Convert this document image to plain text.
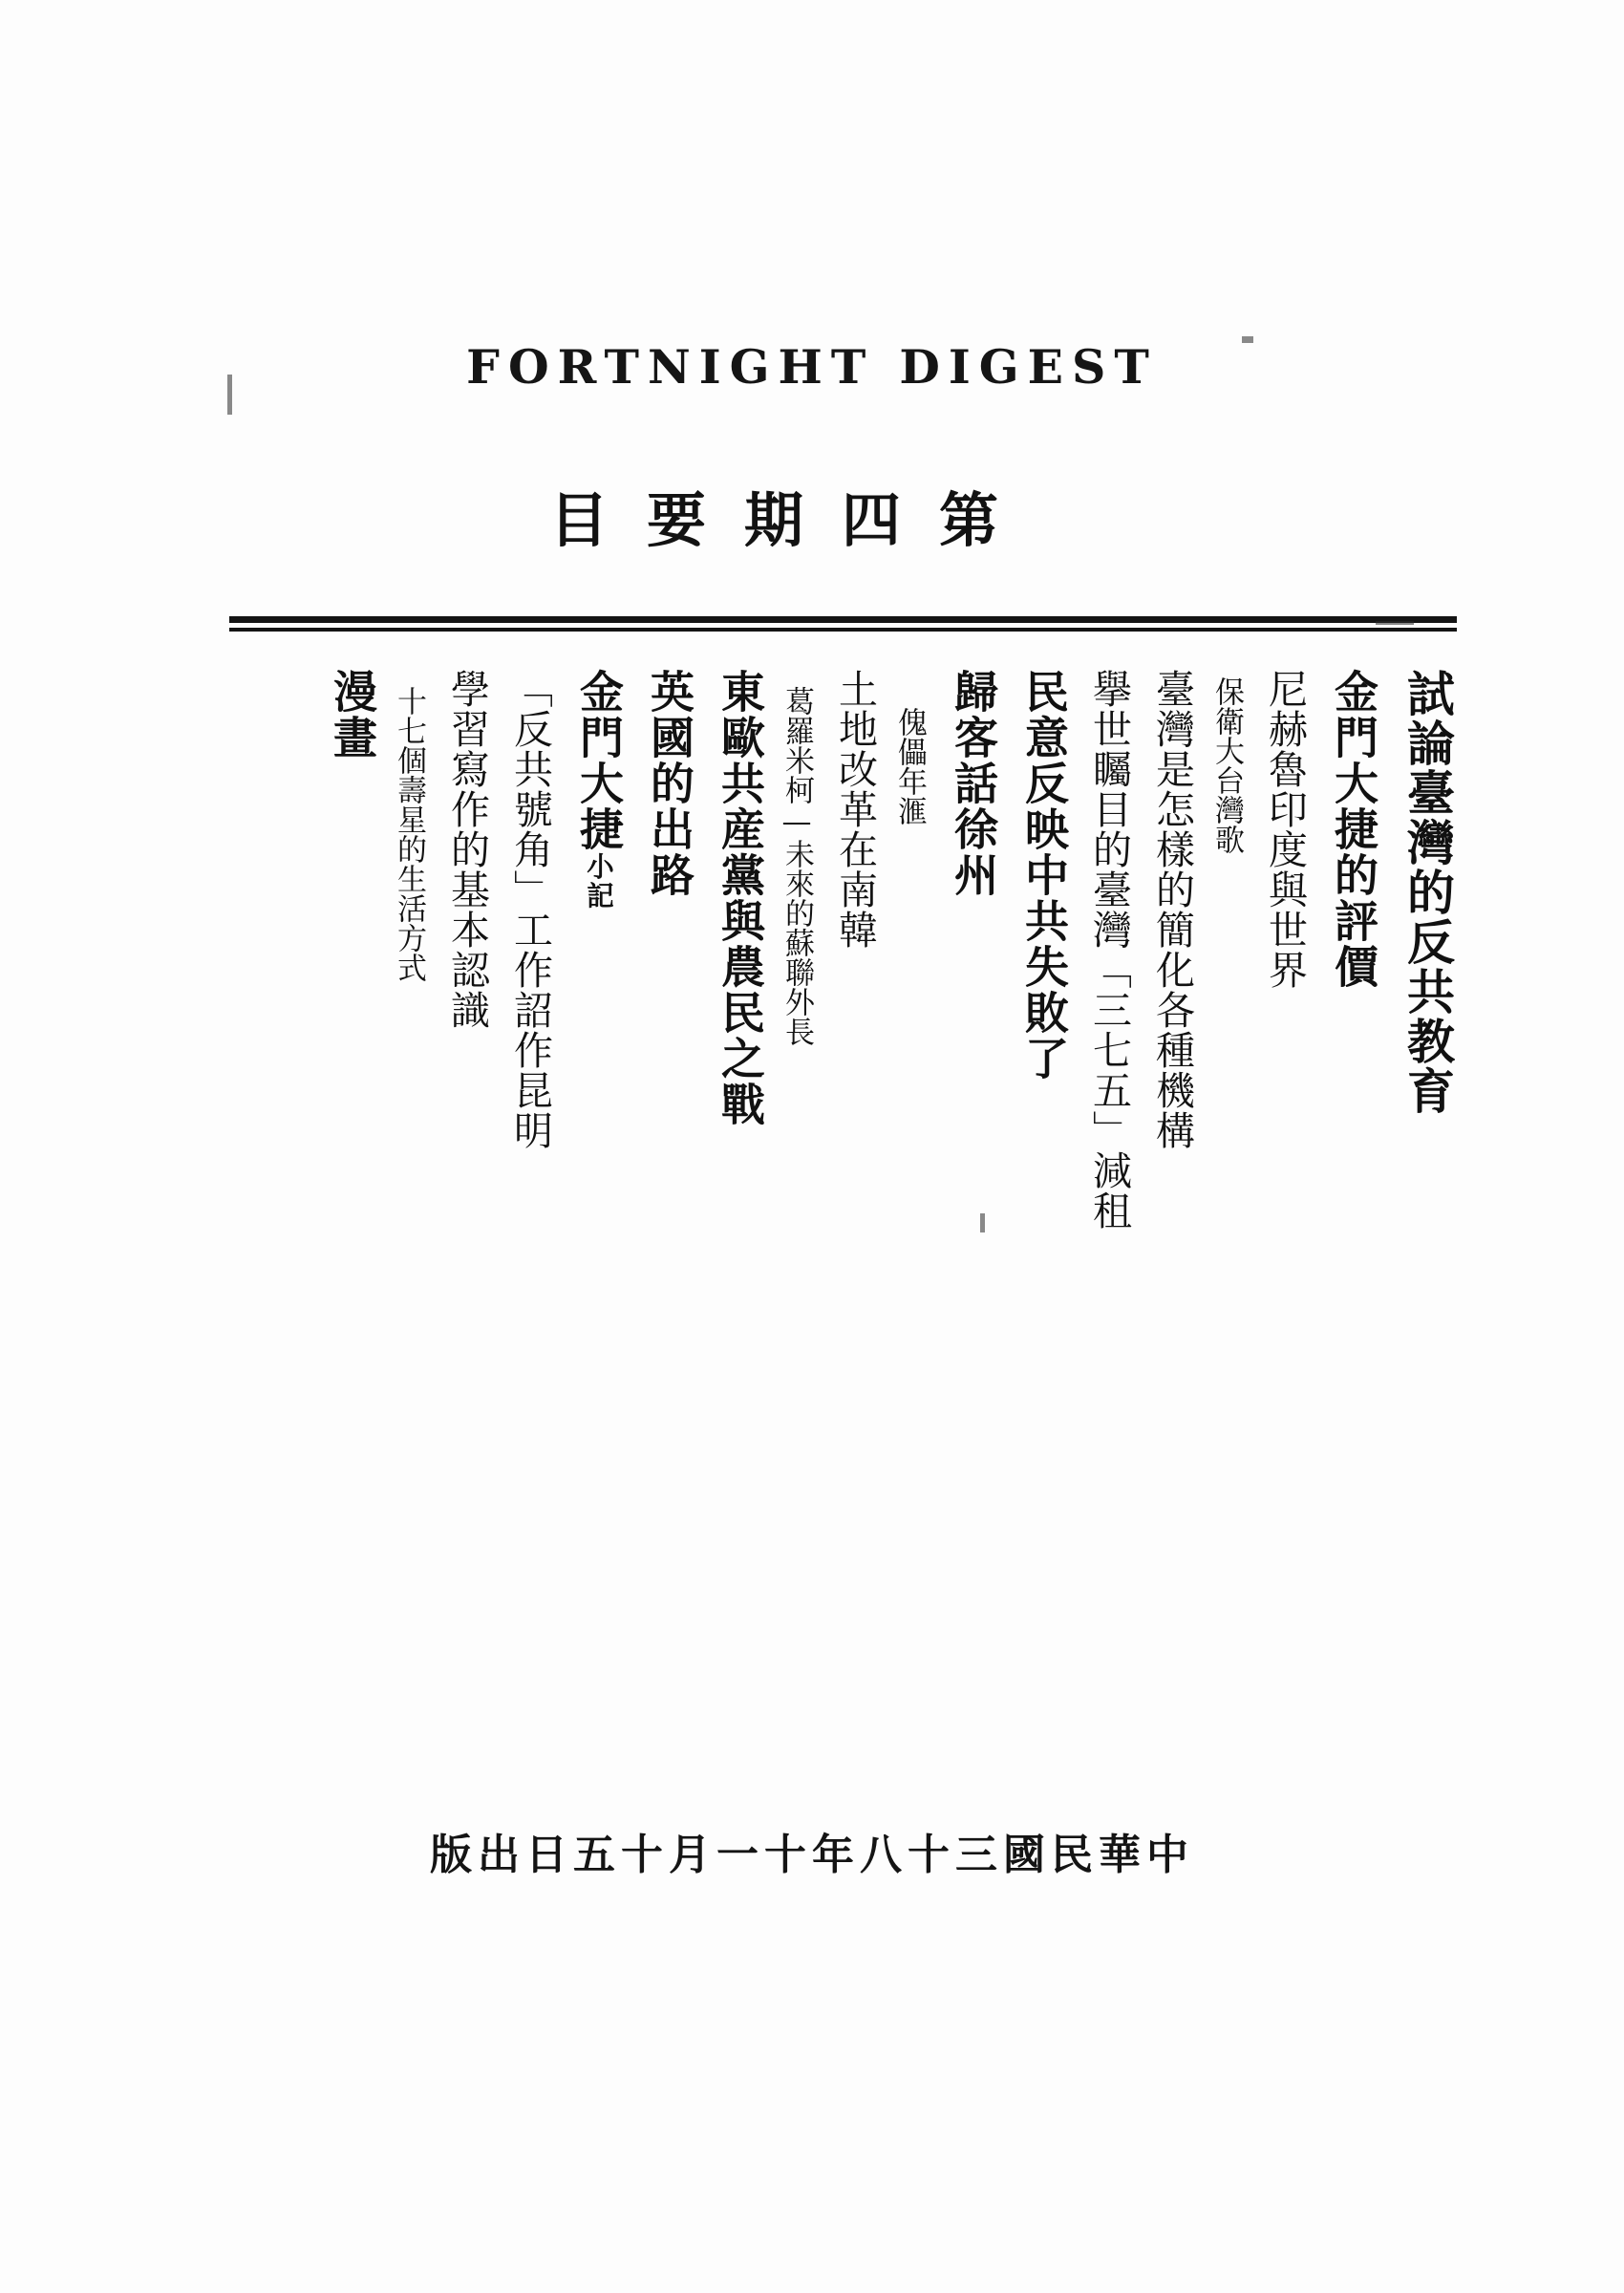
FORTNIGHT DIGEST
第四期要目
試論臺灣的反共教育
金門大捷的評價
尼赫魯印度與世界
保衛大台灣歌
臺灣是怎樣的簡化各種機構
擧世矚目的臺灣「三七五」減租
民意反映中共失敗了
歸客話徐州
傀儡年滙
土地改革在南韓
葛羅米柯—未來的蘇聯外長
東歐共産黨與農民之戰
英國的出路
金門大捷小記
「反共號角」工作詔作昆明
學習寫作的基本認識
十七個壽星的生活方式
漫畫
中華民國三十八年十一月十五日出版
